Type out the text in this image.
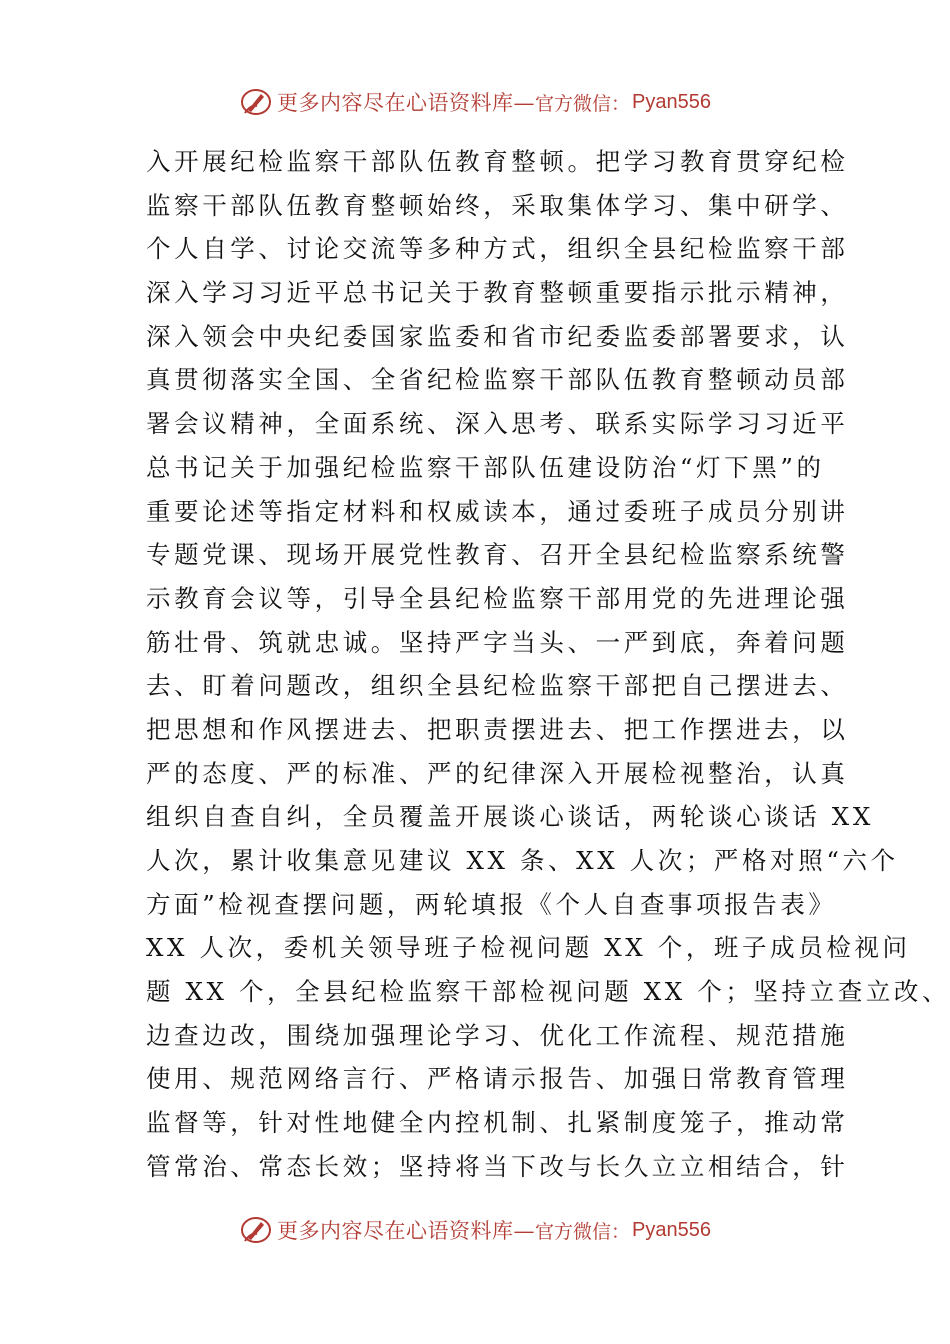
更多内容尽在心语资料库— 官方微信： Pyan556
入开展纪检监察干部队伍教育整顿。把学习教育贯穿纪检
监察干部队伍教育整顿始终，采取集体学习、集中研学、
个人自学、讨论交流等多种方式，组织全县纪检监察干部
深入学习习近平总书记关于教育整顿重要指示批示精神，
深入领会中央纪委国家监委和省市纪委监委部署要求，认
真贯彻落实全国、全省纪检监察干部队伍教育整顿动员部
署会议精神，全面系统、深入思考、联系实际学习习近平
总书记关于加强纪检监察干部队伍建设防治“灯下黑”的
重要论述等指定材料和权威读本，通过委班子成员分别讲
专题党课、现场开展党性教育、召开全县纪检监察系统警
示教育会议等，引导全县纪检监察干部用党的先进理论强
筋壮骨、筑就忠诚。坚持严字当头、一严到底，奔着问题
去、盯着问题改，组织全县纪检监察干部把自己摆进去、
把思想和作风摆进去、把职责摆进去、把工作摆进去，以
严的态度、严的标准、严的纪律深入开展检视整治，认真
组织自查自纠，全员覆盖开展谈心谈话，两轮谈心谈话 XX
人次，累计收集意见建议 XX 条、XX 人次；严格对照“六个
方面”检视查摆问题，两轮填报《个人自查事项报告表》
XX 人次，委机关领导班子检视问题 XX 个，班子成员检视问
题 XX 个，全县纪检监察干部检视问题 XX 个；坚持立查立改、
边查边改，围绕加强理论学习、优化工作流程、规范措施
使用、规范网络言行、严格请示报告、加强日常教育管理
监督等，针对性地健全内控机制、扎紧制度笼子，推动常
管常治、常态长效；坚持将当下改与长久立立相结合，针
更多内容尽在心语资料库— 官方微信： Pyan556
